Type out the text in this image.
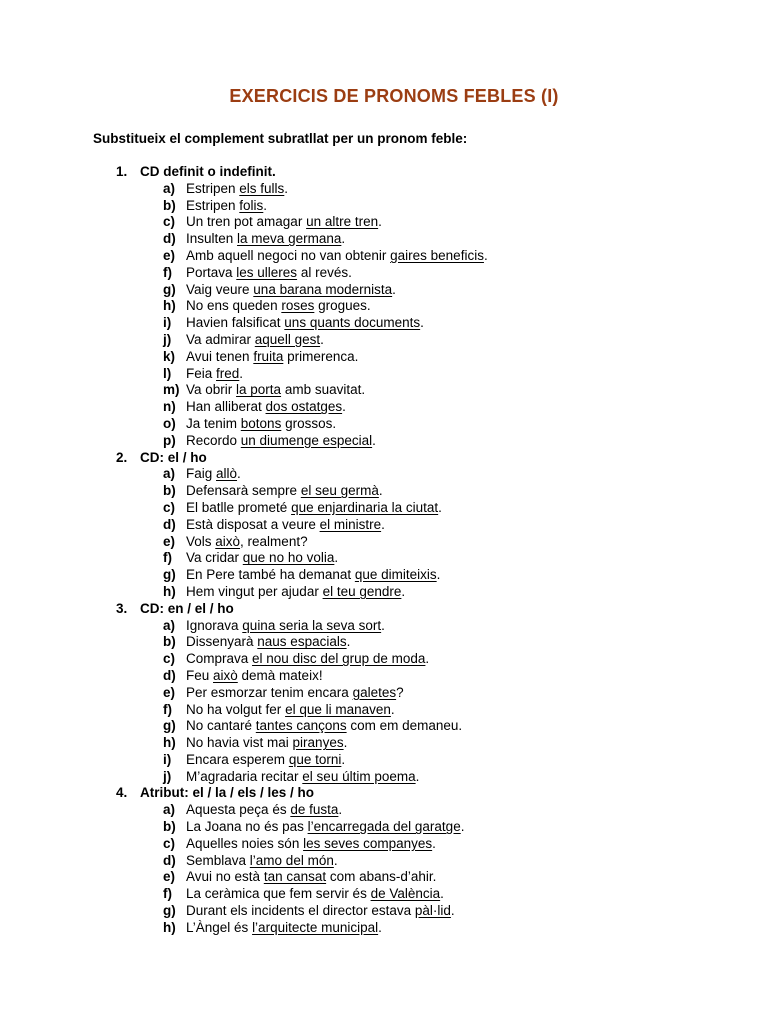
EXERCICIS DE PRONOMS FEBLES (I)
Substitueix el complement subratllat per un pronom feble:
1. CD definit o indefinit.
a) Estripen els fulls.
b) Estripen folis.
c) Un tren pot amagar un altre tren.
d) Insulten la meva germana.
e) Amb aquell negoci no van obtenir gaires beneficis.
f) Portava les ulleres al revés.
g) Vaig veure una barana modernista.
h) No ens queden roses grogues.
i) Havien falsificat uns quants documents.
j) Va admirar aquell gest.
k) Avui tenen fruita primerenca.
l) Feia fred.
m) Va obrir la porta amb suavitat.
n) Han alliberat dos ostatges.
o) Ja tenim botons grossos.
p) Recordo un diumenge especial.
2. CD: el / ho
a) Faig allò.
b) Defensarà sempre el seu germà.
c) El batlle prometé que enjardinaria la ciutat.
d) Està disposat a veure el ministre.
e) Vols això, realment?
f) Va cridar que no ho volia.
g) En Pere també ha demanat que dimiteixis.
h) Hem vingut per ajudar el teu gendre.
3. CD: en / el / ho
a) Ignorava quina seria la seva sort.
b) Dissenyarà naus espacials.
c) Comprava el nou disc del grup de moda.
d) Feu això demà mateix!
e) Per esmorzar tenim encara galetes?
f) No ha volgut fer el que li manaven.
g) No cantaré tantes cançons com em demaneu.
h) No havia vist mai piranyes.
i) Encara esperem que torni.
j) M’agradaria recitar el seu últim poema.
4. Atribut: el / la / els / les / ho
a) Aquesta peça és de fusta.
b) La Joana no és pas l’encarregada del garatge.
c) Aquelles noies són les seves companyes.
d) Semblava l’amo del món.
e) Avui no està tan cansat com abans-d’ahir.
f) La ceràmica que fem servir és de València.
g) Durant els incidents el director estava pàl·lid.
h) L’Àngel és l’arquitecte municipal.
